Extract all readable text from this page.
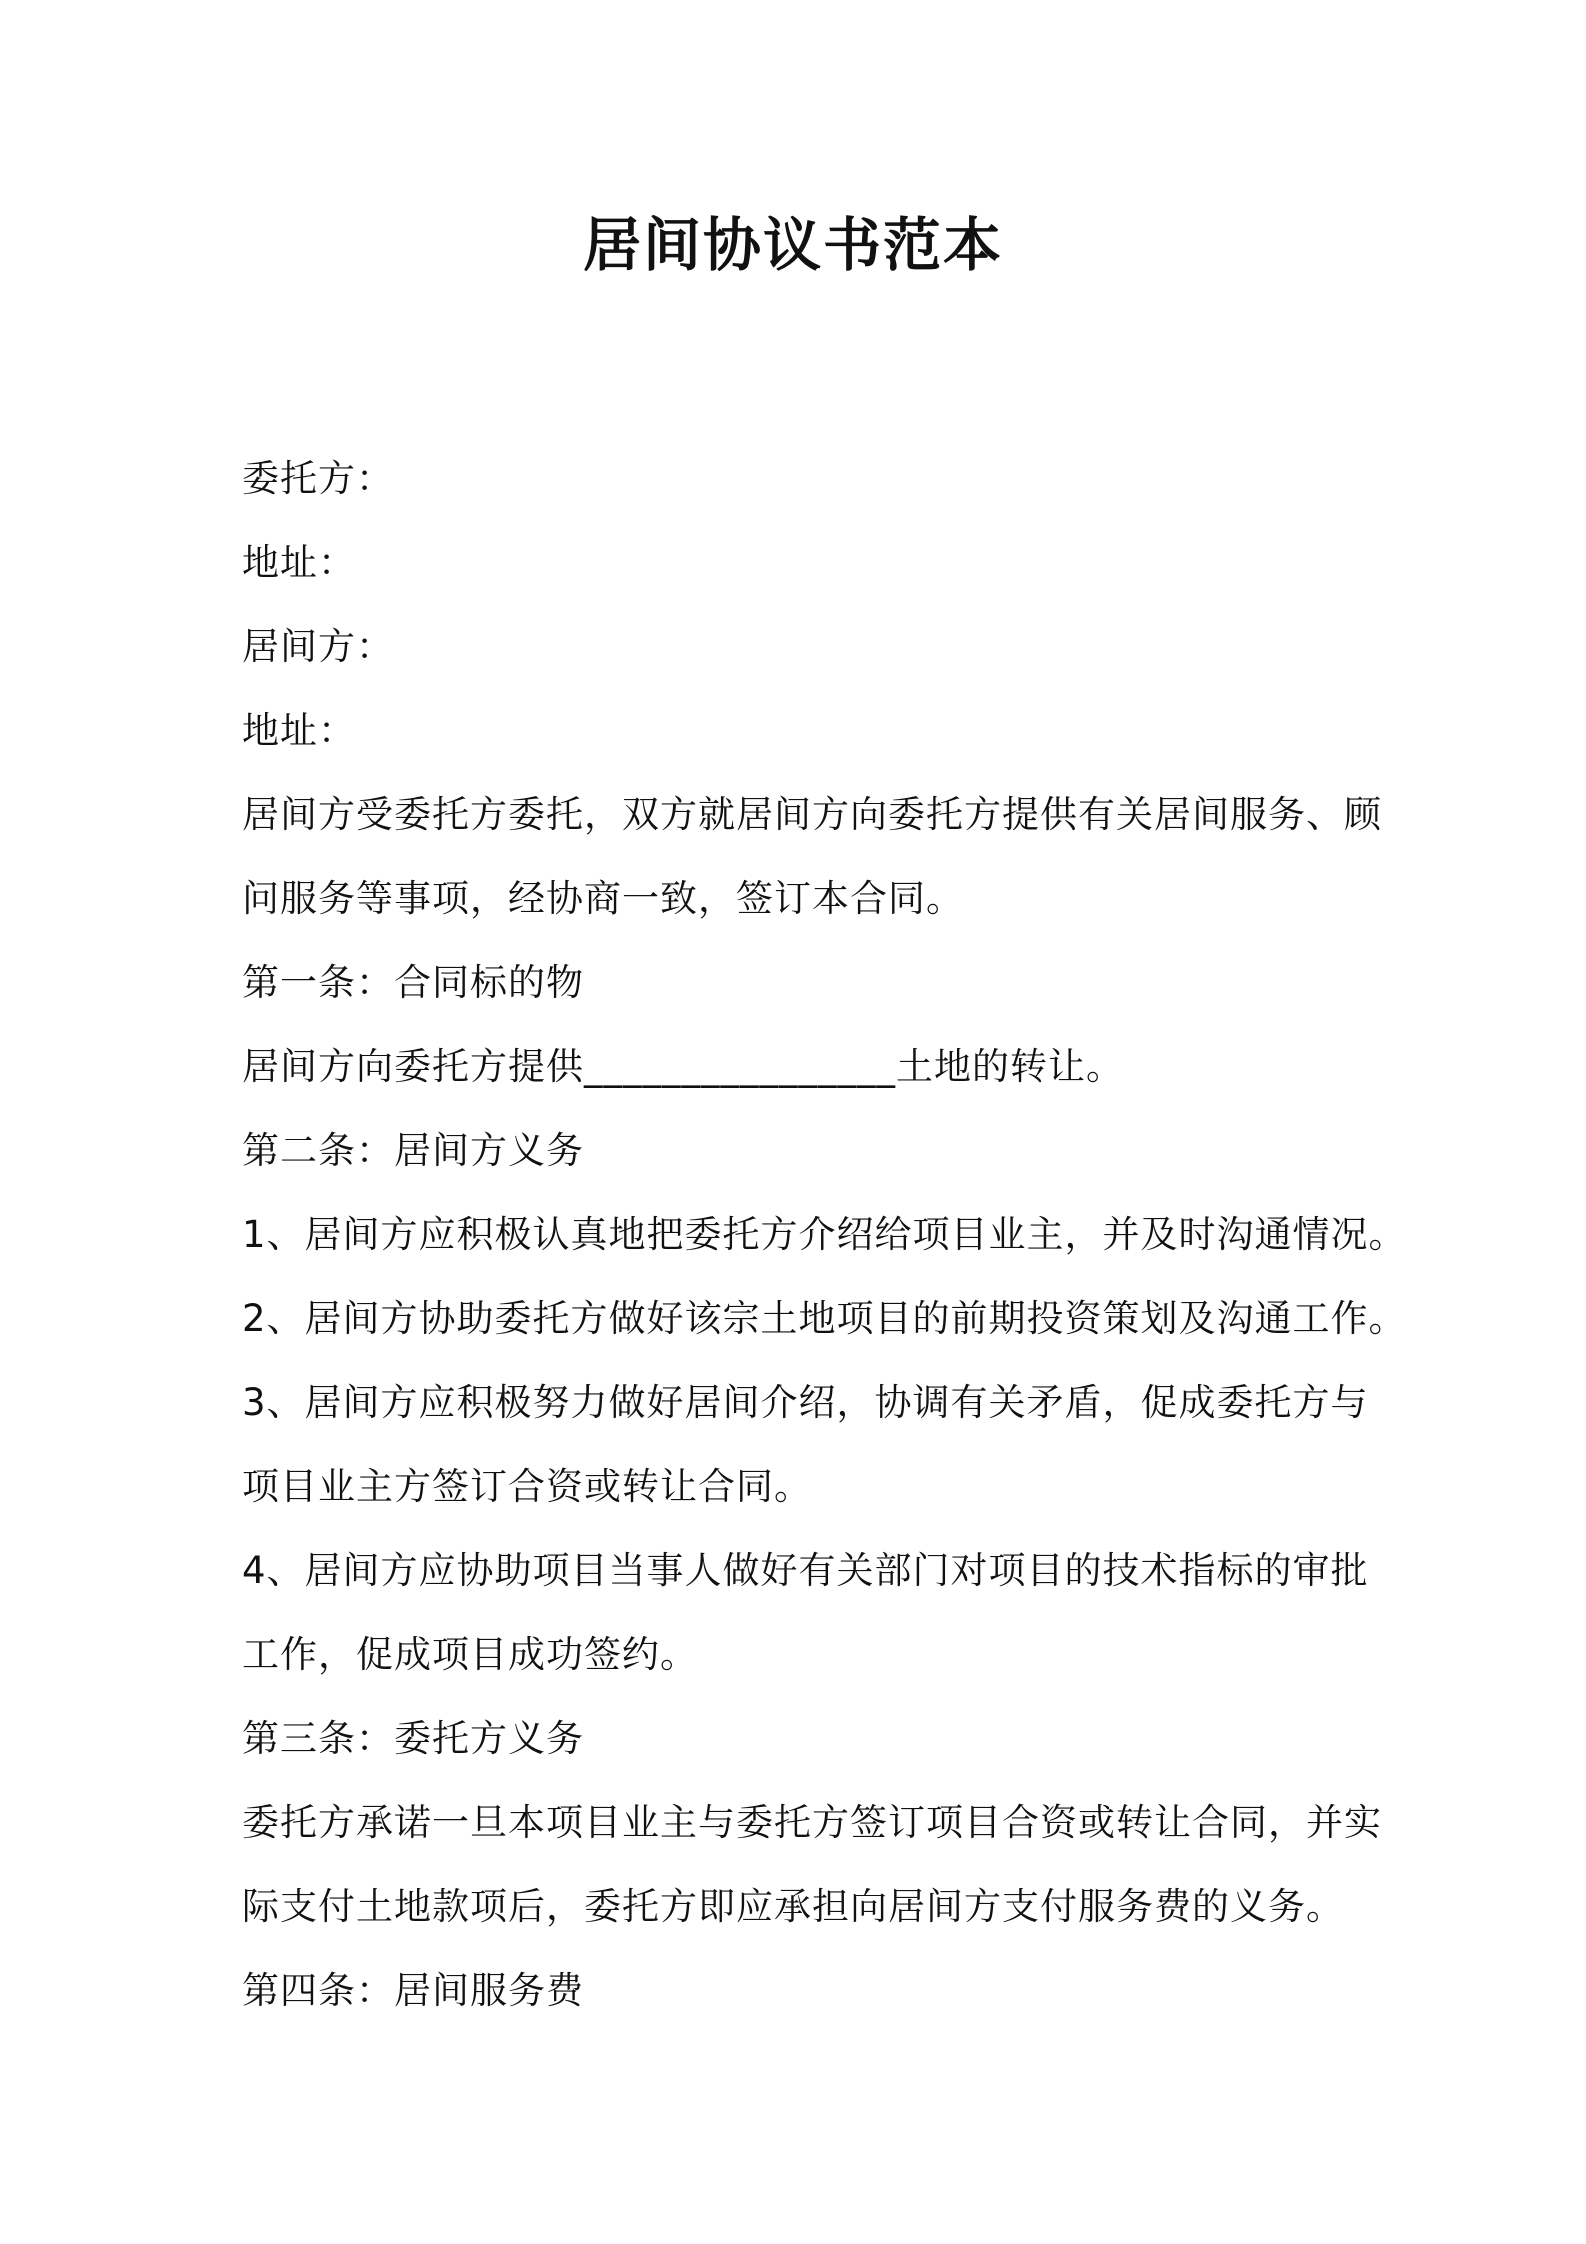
居间协议书范本
委托方：
地址：
居间方：
地址：
居间方受委托方委托，双方就居间方向委托方提供有关居间服务、顾
问服务等事项，经协商一致，签订本合同。
第一条：合同标的物
居间方向委托方提供________________土地的转让。
第二条：居间方义务
1、居间方应积极认真地把委托方介绍给项目业主，并及时沟通情况。
2、居间方协助委托方做好该宗土地项目的前期投资策划及沟通工作。
3、居间方应积极努力做好居间介绍，协调有关矛盾，促成委托方与
项目业主方签订合资或转让合同。
4、居间方应协助项目当事人做好有关部门对项目的技术指标的审批
工作，促成项目成功签约。
第三条：委托方义务
委托方承诺一旦本项目业主与委托方签订项目合资或转让合同，并实
际支付土地款项后，委托方即应承担向居间方支付服务费的义务。
第四条：居间服务费
